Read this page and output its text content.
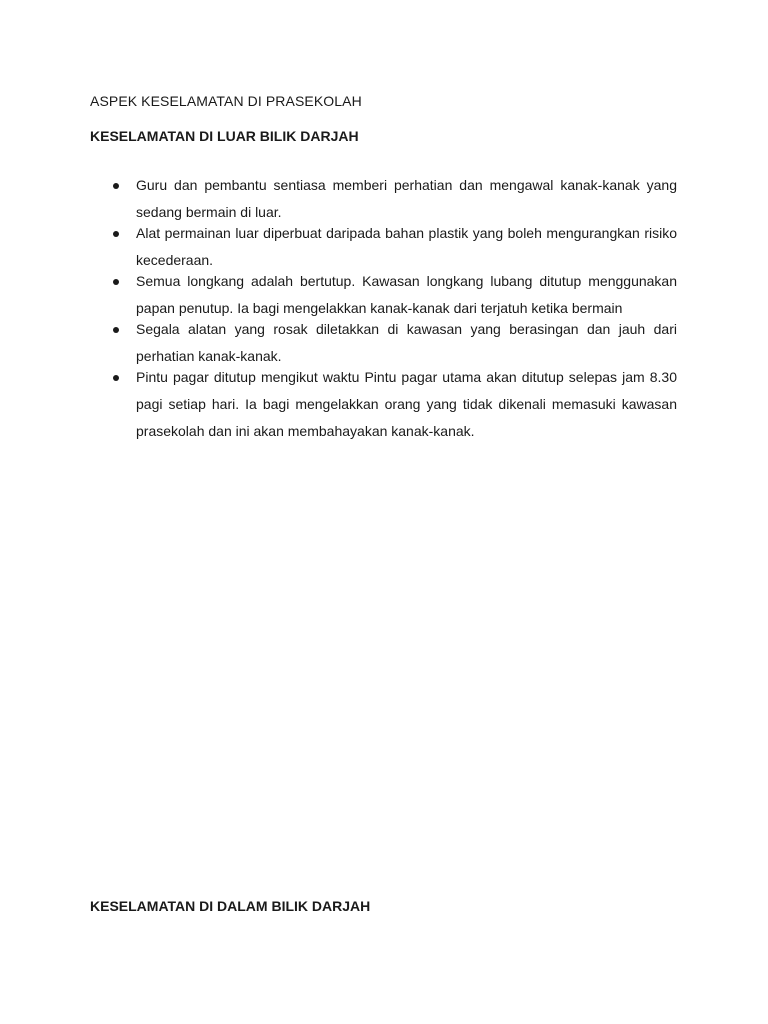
ASPEK KESELAMATAN DI PRASEKOLAH

KESELAMATAN DI LUAR BILIK DARJAH

Guru dan pembantu sentiasa memberi perhatian dan mengawal kanak-kanak yang sedang bermain di luar.
Alat permainan luar diperbuat daripada bahan plastik yang boleh mengurangkan risiko kecederaan.
Semua longkang adalah bertutup. Kawasan longkang lubang ditutup menggunakan papan penutup. Ia bagi mengelakkan kanak-kanak dari terjatuh ketika bermain
Segala alatan yang rosak diletakkan di kawasan yang berasingan dan jauh dari perhatian kanak-kanak.
Pintu pagar ditutup mengikut waktu Pintu pagar utama akan ditutup selepas jam 8.30 pagi setiap hari. Ia bagi mengelakkan orang yang tidak dikenali memasuki kawasan prasekolah dan ini akan membahayakan kanak-kanak.

KESELAMATAN DI DALAM BILIK DARJAH
